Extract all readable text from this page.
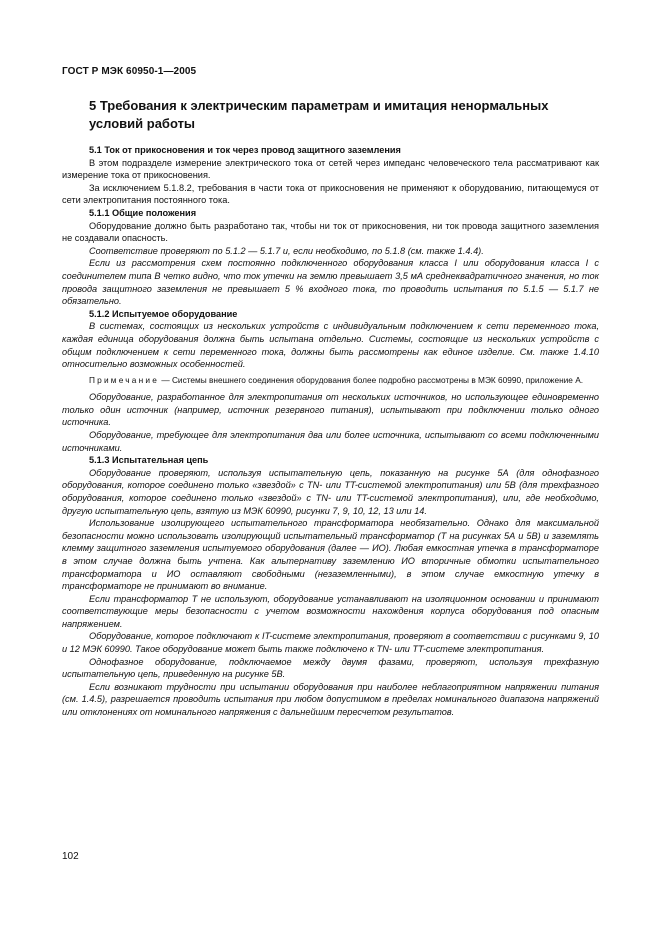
ГОСТ Р МЭК 60950-1—2005
5 Требования к электрическим параметрам и имитация ненормальных условий работы

5.1 Ток от прикосновения и ток через провод защитного заземления

В этом подразделе измерение электрического тока от сетей через импеданс человеческого тела рассматривают как измерение тока от прикосновения.

За исключением 5.1.8.2, требования в части тока от прикосновения не применяют к оборудованию, питающемуся от сети электропитания постоянного тока.

5.1.1 Общие положения

Оборудование должно быть разработано так, чтобы ни ток от прикосновения, ни ток провода защитного заземления не создавали опасность.

Соответствие проверяют по 5.1.2 — 5.1.7 и, если необходимо, по 5.1.8 (см. также 1.4.4).

Если из рассмотрения схем постоянно подключенного оборудования класса I или оборудования класса I с соединителем типа B четко видно, что ток утечки на землю превышает 3,5 мА среднеквадратичного значения, но ток провода защитного заземления не превышает 5 % входного тока, то проводить испытания по 5.1.5 — 5.1.7 не обязательно.

5.1.2 Испытуемое оборудование

В системах, состоящих из нескольких устройств с индивидуальным подключением к сети переменного тока, каждая единица оборудования должна быть испытана отдельно. Системы, состоящие из нескольких устройств с общим подключением к сети переменного тока, должны быть рассмотрены как единое изделие. См. также 1.4.10 относительно возможных особенностей.

Примечание — Системы внешнего соединения оборудования более подробно рассмотрены в МЭК 60990, приложение А.

Оборудование, разработанное для электропитания от нескольких источников, но использующее единовременно только один источник (например, источник резервного питания), испытывают при подключении только одного источника.

Оборудование, требующее для электропитания два или более источника, испытывают со всеми подключенными источниками.

5.1.3 Испытательная цепь

Оборудование проверяют, используя испытательную цепь, показанную на рисунке 5А (для однофазного оборудования, которое соединено только «звездой» с TN- или TT-системой электропитания) или 5В (для трехфазного оборудования, которое соединено только «звездой» с TN- или TT-системой электропитания), или, где необходимо, другую испытательную цепь, взятую из МЭК 60990, рисунки 7, 9, 10, 12, 13 или 14.

Использование изолирующего испытательного трансформатора необязательно. Однако для максимальной безопасности можно использовать изолирующий испытательный трансформатор (T на рисунках 5А и 5В) и заземлять клемму защитного заземления испытуемого оборудования (далее — ИО). Любая емкостная утечка в трансформаторе в этом случае должна быть учтена. Как альтернативу заземлению ИО вторичные обмотки испытательного трансформатора и ИО оставляют свободными (незаземленными), в этом случае емкостную утечку в трансформаторе не принимают во внимание.

Если трансформатор T не используют, оборудование устанавливают на изоляционном основании и принимают соответствующие меры безопасности с учетом возможности нахождения корпуса оборудования под опасным напряжением.

Оборудование, которое подключают к IT-системе электропитания, проверяют в соответствии с рисунками 9, 10 и 12 МЭК 60990. Такое оборудование может быть также подключено к TN- или TT-системе электропитания.

Однофазное оборудование, подключаемое между двумя фазами, проверяют, используя трехфазную испытательную цепь, приведенную на рисунке 5В.

Если возникают трудности при испытании оборудования при наиболее неблагоприятном напряжении питания (см. 1.4.5), разрешается проводить испытания при любом допустимом в пределах номинального диапазона напряжений или отклонениях от номинального напряжения с дальнейшим пересчетом результатов.

102
